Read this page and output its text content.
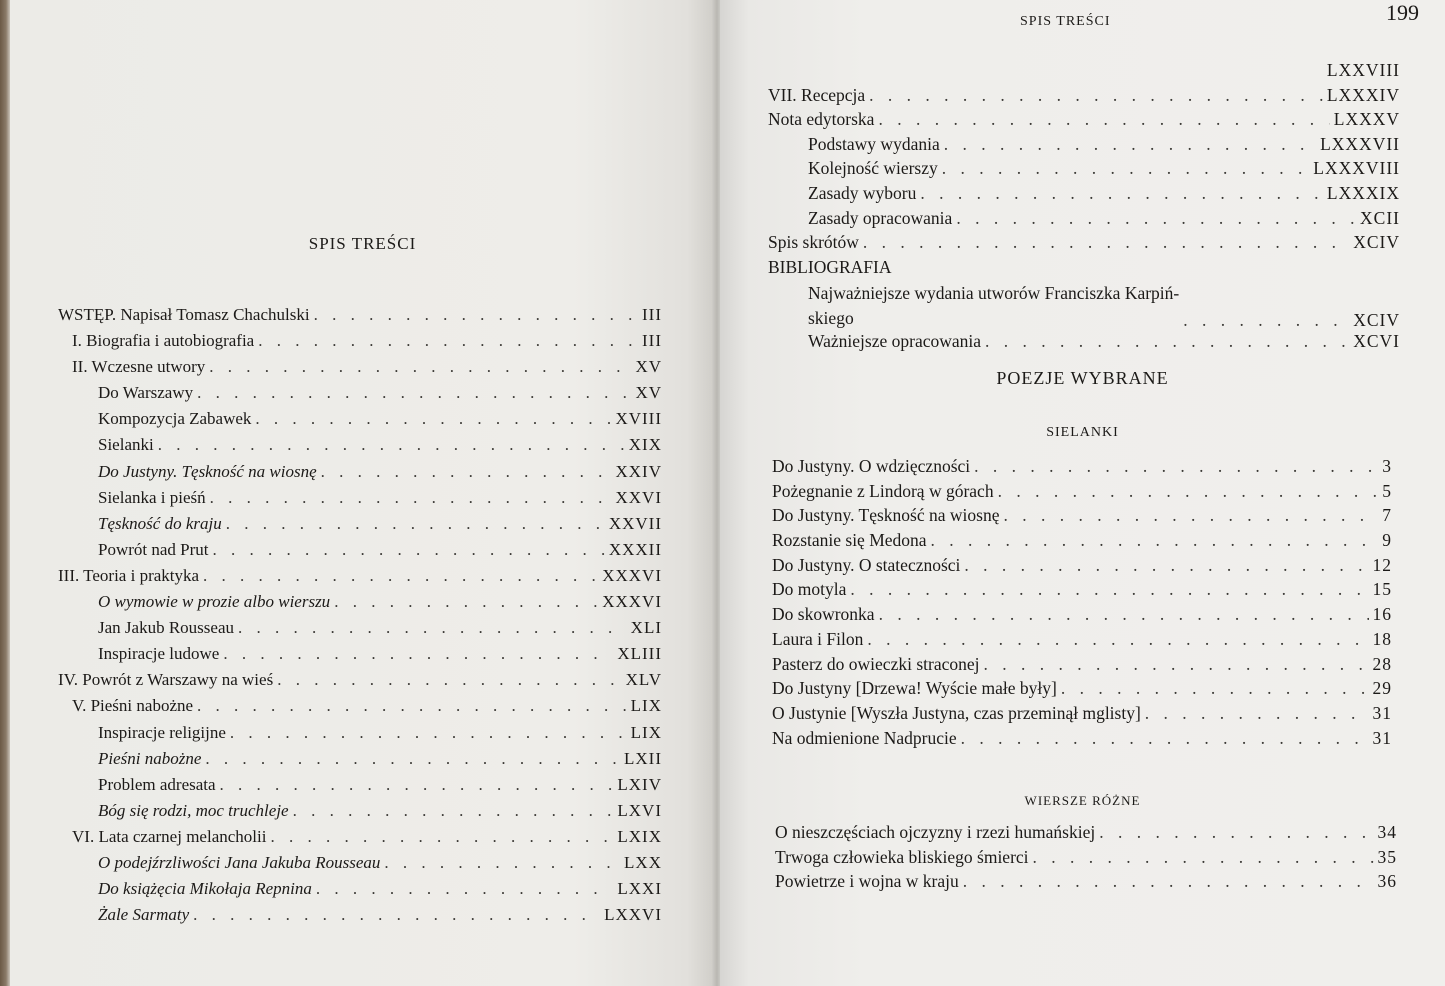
SPIS TREŚCI
WSTĘP. Napisał Tomasz Chachulski . . .	III
I. Biografia i autobiografia . . .	III
II. Wczesne utwory . . .	XV
Do Warszawy . . .	XV
Kompozycja Zabawek . . .	XVIII
Sielanki . . .	XIX
Do Justyny. Tęskność na wiosnę . . .	XXIV
Sielanka i pieśń . . .	XXVI
Tęskność do kraju . . .	XXVII
Powrót nad Prut . . .	XXXII
III. Teoria i praktyka . . .	XXXVI
O wymowie w prozie albo wierszu . . .	XXXVI
Jan Jakub Rousseau . . .	XLI
Inspiracje ludowe . . .	XLIII
IV. Powrót z Warszawy na wieś . . .	XLV
V. Pieśni nabożne . . .	LIX
Inspiracje religijne . . .	LIX
Pieśni nabożne . . .	LXII
Problem adresata . . .	LXIV
Bóg się rodzi, moc truchleje . . .	LXVI
VI. Lata czarnej melancholii . . .	LXIX
O podejźrzliwości Jana Jakuba Rousseau . . .	LXX
Do książęcia Mikołaja Repnina . . .	LXXI
Żale Sarmaty . . .	LXXVI
SPIS TREŚCI	199
LXXVIII
VII. Recepcja . . .	LXXXIV
Nota edytorska . . .	LXXXV
Podstawy wydania . . .	LXXXVII
Kolejność wierszy . . .	LXXXVIII
Zasady wyboru . . .	LXXXIX
Zasady opracowania . . .	XCII
Spis skrótów . . .	XCIV
BIBLIOGRAFIA
Najważniejsze wydania utworów Franciszka Karpiń-
skiego . . .	XCIV
Ważniejsze opracowania . . .	XCVI
POEZJE WYBRANE
SIELANKI
Do Justyny. O wdzięczności . . .	3
Pożegnanie z Lindorą w górach . . .	5
Do Justyny. Tęskność na wiosnę . . .	7
Rozstanie się Medona . . .	9
Do Justyny. O stateczności . . .	12
Do motyla . . .	15
Do skowronka . . .	16
Laura i Filon . . .	18
Pasterz do owieczki straconej . . .	28
Do Justyny [Drzewa! Wyście małe były] . . .	29
O Justynie [Wyszła Justyna, czas przeminął mglisty] . . .	31
Na odmienione Nadprucie . . .	31
WIERSZE RÓŻNE
O nieszczęściach ojczyzny i rzezi humańskiej . . .	34
Trwoga człowieka bliskiego śmierci . . .	35
Powietrze i wojna w kraju . . .	36
